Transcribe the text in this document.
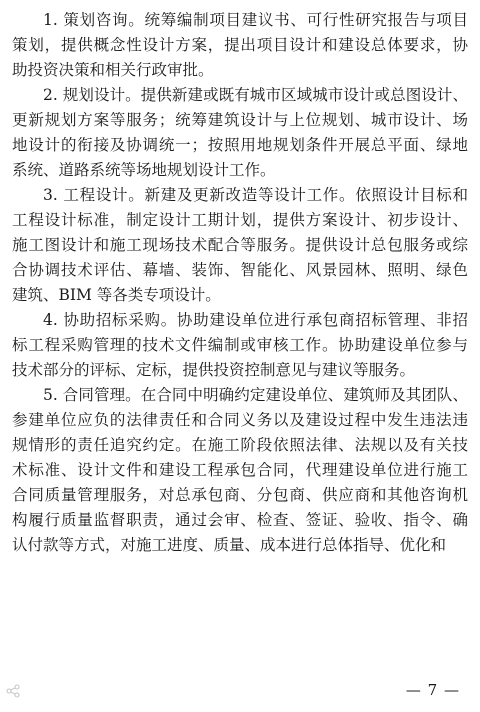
1. 策划咨询。统筹编制项目建议书、可行性研究报告与项目
策划，提供概念性设计方案，提出项目设计和建设总体要求，协
助投资决策和相关行政审批。
2. 规划设计。提供新建或既有城市区域城市设计或总图设计、
更新规划方案等服务；统筹建筑设计与上位规划、城市设计、场
地设计的衔接及协调统一；按照用地规划条件开展总平面、绿地
系统、道路系统等场地规划设计工作。
3. 工程设计。新建及更新改造等设计工作。依照设计目标和
工程设计标准，制定设计工期计划，提供方案设计、初步设计、
施工图设计和施工现场技术配合等服务。提供设计总包服务或综
合协调技术评估、幕墙、装饰、智能化、风景园林、照明、绿色
建筑、BIM 等各类专项设计。
4. 协助招标采购。协助建设单位进行承包商招标管理、非招
标工程采购管理的技术文件编制或审核工作。协助建设单位参与
技术部分的评标、定标，提供投资控制意见与建议等服务。
5. 合同管理。在合同中明确约定建设单位、建筑师及其团队、
参建单位应负的法律责任和合同义务以及建设过程中发生违法违
规情形的责任追究约定。在施工阶段依照法律、法规以及有关技
术标准、设计文件和建设工程承包合同，代理建设单位进行施工
合同质量管理服务，对总承包商、分包商、供应商和其他咨询机
构履行质量监督职责，通过会审、检查、签证、验收、指令、确
认付款等方式，对施工进度、质量、成本进行总体指导、优化和
— 7 —
